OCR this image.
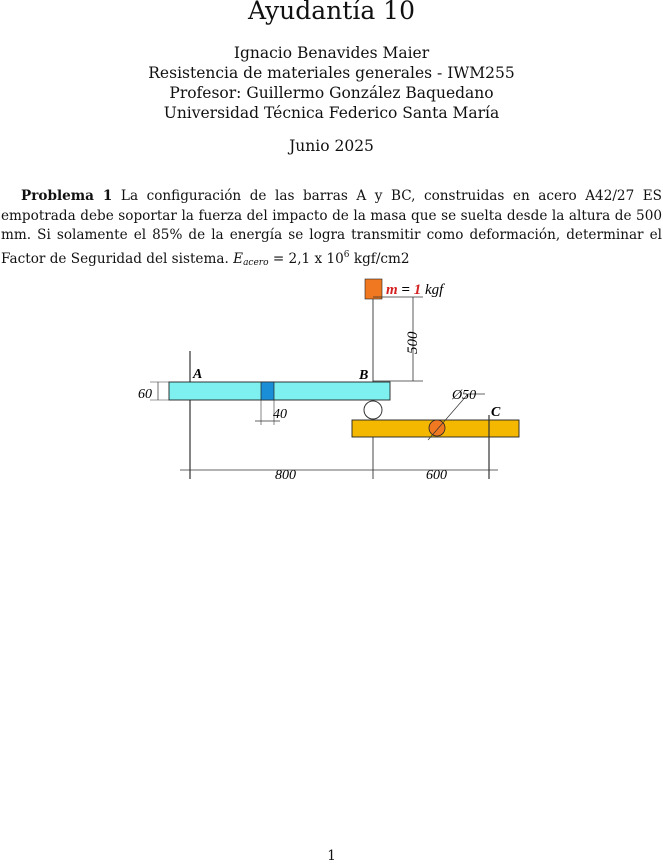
Ayudantía 10
Ignacio Benavides Maier
Resistencia de materiales generales - IWM255
Profesor: Guillermo González Baquedano
Universidad Técnica Federico Santa María
Junio 2025
Problema 1 La configuración de las barras A y BC, construidas en acero A42/27 ES empotrada debe soportar la fuerza del impacto de la masa que se suelta desde la altura de 500 mm. Si solamente el 85% de la energía se logra transmitir como deformación, determinar el Factor de Seguridad del sistema. $E_{acero} = 2,1$ x $10^6$ kgf/cm2
m = 1 kgf
500
A	B
60
40
Ø50
C
800	600
1
